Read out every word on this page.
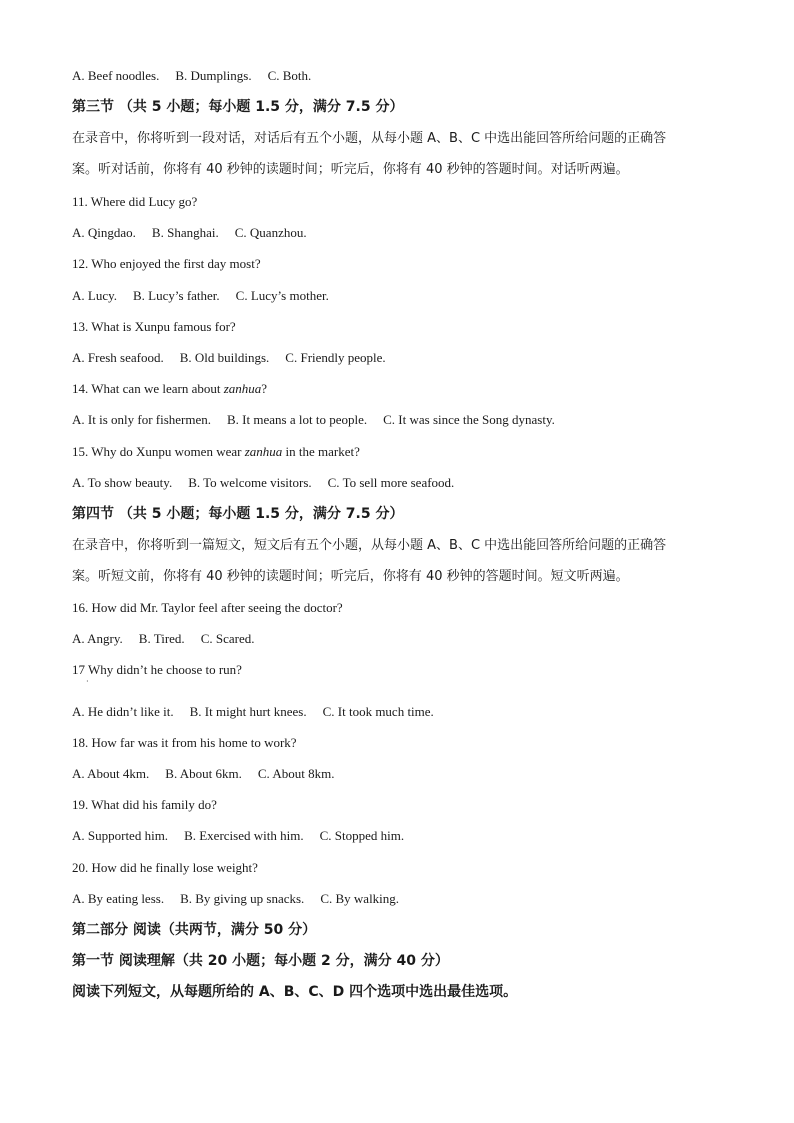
A. Beef noodles. B. Dumplings. C. Both.
第三节 （共 5 小题；每小题 1.5 分，满分 7.5 分）
在录音中，你将听到一段对话，对话后有五个小题，从每小题 A、B、C 中选出能回答所给问题的正确答
案。听对话前，你将有 40 秒钟的读题时间；听完后，你将有 40 秒钟的答题时间。对话听两遍。
11. Where did Lucy go?
A. Qingdao. B. Shanghai. C. Quanzhou.
12. Who enjoyed the first day most?
A. Lucy. B. Lucy’s father. C. Lucy’s mother.
13. What is Xunpu famous for?
A. Fresh seafood. B. Old buildings. C. Friendly people.
14. What can we learn about zanhua?
A. It is only for fishermen. B. It means a lot to people. C. It was since the Song dynasty.
15. Why do Xunpu women wear zanhua in the market?
A. To show beauty. B. To welcome visitors. C. To sell more seafood.
第四节 （共 5 小题；每小题 1.5 分，满分 7.5 分）
在录音中，你将听到一篇短文，短文后有五个小题，从每小题 A、B、C 中选出能回答所给问题的正确答
案。听短文前，你将有 40 秒钟的读题时间；听完后，你将有 40 秒钟的答题时间。短文听两遍。
16. How did Mr. Taylor feel after seeing the doctor?
A. Angry. B. Tired. C. Scared.
17 Why didn’t he choose to run?
A. He didn’t like it. B. It might hurt knees. C. It took much time.
18. How far was it from his home to work?
A. About 4km. B. About 6km. C. About 8km.
19. What did his family do?
A. Supported him. B. Exercised with him. C. Stopped him.
20. How did he finally lose weight?
A. By eating less. B. By giving up snacks. C. By walking.
第二部分 阅读（共两节，满分 50 分）
第一节 阅读理解（共 20 小题；每小题 2 分，满分 40 分）
阅读下列短文，从每题所给的 A、B、C、D 四个选项中选出最佳选项。
·
